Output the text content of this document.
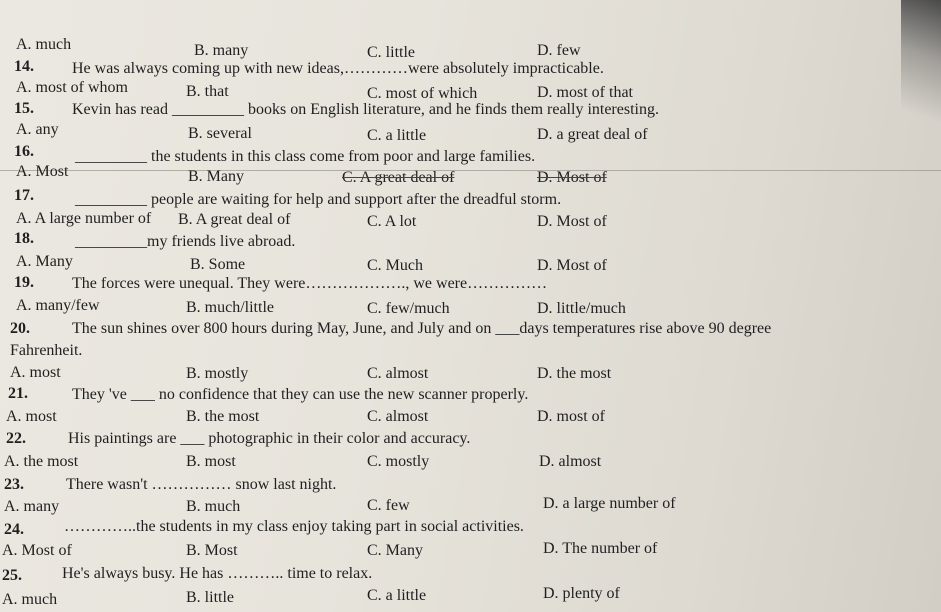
A. much	B. many	C. little	D. few
14. He was always coming up with new ideas,…………were absolutely impracticable.
A. most of whom	B. that	C. most of which	D. most of that
15. Kevin has read _________ books on English literature, and he finds them really interesting.
A. any	B. several	C. a little	D. a great deal of
16.	_________ the students in this class come from poor and large families.
A. Most	B. Many	C. A great deal of	D. Most of
17.	_________ people are waiting for help and support after the dreadful storm.
A. A large number of B. A great deal of	C. A lot	D. Most of
18.	_________my friends live abroad.
A. Many	B. Some	C. Much	D. Most of
19. The forces were unequal. They were………………., we were……………
A. many/few	B. much/little	C. few/much	D. little/much
20.	The sun shines over 800 hours during May, June, and July and on ___days temperatures rise above 90 degree
Fahrenheit.
A. most	B. mostly	C. almost	D. the most
21.	They 've ___ no confidence that they can use the new scanner properly.
A. most	B. the most	C. almost	D. most of
22.	His paintings are ___ photographic in their color and accuracy.
A. the most	B. most	C. mostly	D. almost
23.	There wasn't …………… snow last night.
A. many	B. much	C. few	D. a large number of
24.	…………..the students in my class enjoy taking part in social activities.
A. Most of	B. Most	C. Many	D. The number of
25.	He's always busy. He has ……….. time to relax.
A. much	B. little	C. a little	D. plenty of
